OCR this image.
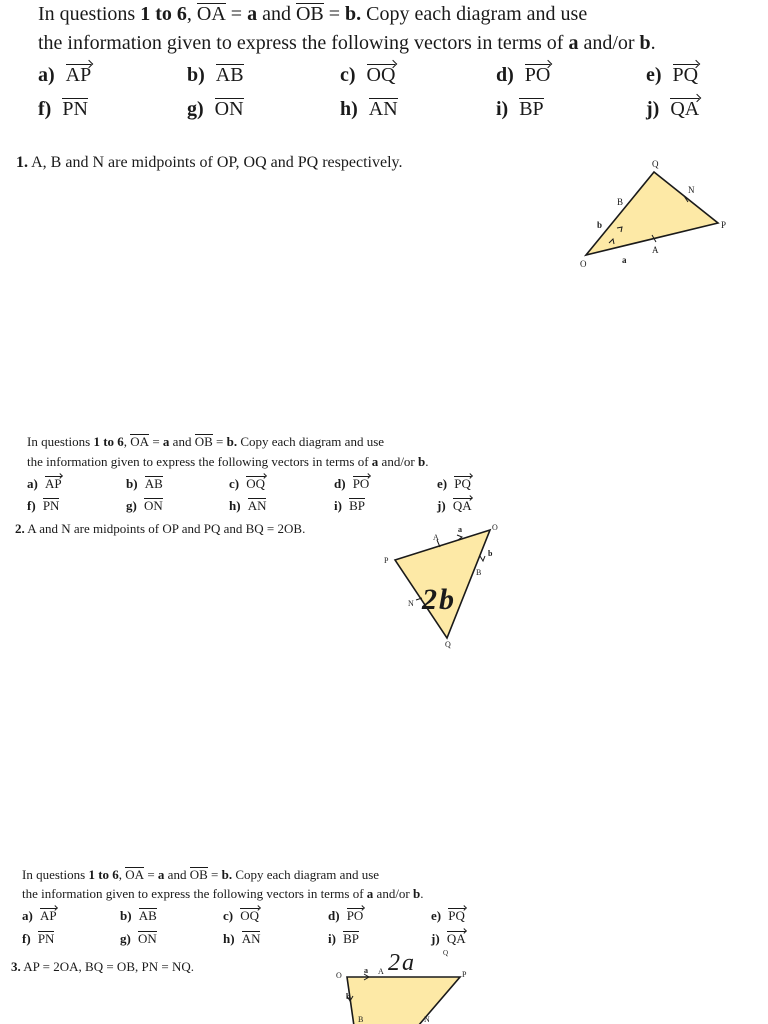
In questions 1 to 6, OA = a and OB = b. Copy each diagram and use
the information given to express the following vectors in terms of a and/or b.
a) AP	b) AB	c) OQ	d) PO	e) PQ
f) PN	g) ON	h) AN	i) BP	j) QA
1. A, B and N are midpoints of OP, OQ and PQ respectively.
O
P
Q
A
B
N
a
b
In questions 1 to 6, OA = a and OB = b. Copy each diagram and use
the information given to express the following vectors in terms of a and/or b.
a) AP	b) AB	c) OQ	d) PO	e) PQ
f) PN	g) ON	h) AN	i) BP	j) QA
2. A and N are midpoints of OP and PQ and BQ = 2OB.	O
P
Q
A
B
N
a
b
2b
In questions 1 to 6, OA = a and OB = b. Copy each diagram and use
the information given to express the following vectors in terms of a and/or b.
a) AP	b) AB	c) OQ	d) PO	e) PQ
f) PN	g) ON	h) AN	i) BP	j) QA
3. AP = 2OA, BQ = OB, PN = NQ.
O	A	P
Q
B	N
a
b
2a
